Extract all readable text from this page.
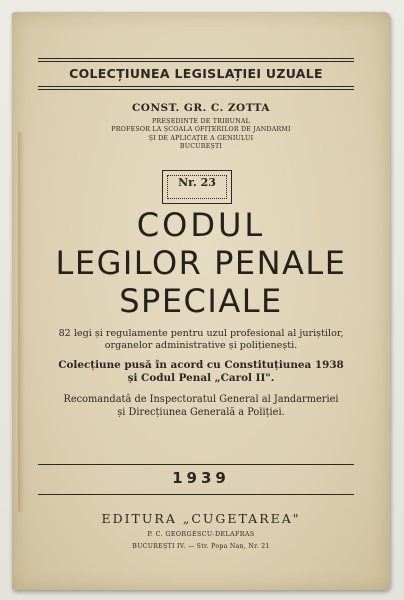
COLECȚIUNEA LEGISLAȚIEI UZUALE
CONST. GR. C. ZOTTA
PREȘEDINTE DE TRIBUNAL
PROFESOR LA ȘCOALA OFIȚERILOR DE JANDARMI
ȘI DE APLICAȚIE A GENIULUI
BUCUREȘTI
Nr. 23
CODUL
LEGILOR PENALE
SPECIALE
82 legi și regulamente pentru uzul profesional al juriștilor,
organelor administrative și polițienești.
Colecțiune pusă în acord cu Constituțiunea 1938
și Codul Penal „Carol II".
Recomandată de Inspectoratul General al Jandarmeriei
și Direcțiunea Generală a Poliției.
1939
EDITURA „CUGETAREA"
P. C. GEORGESCU-DELAFRAS
BUCUREȘTI IV. — Str. Popa Nan, Nr. 21
